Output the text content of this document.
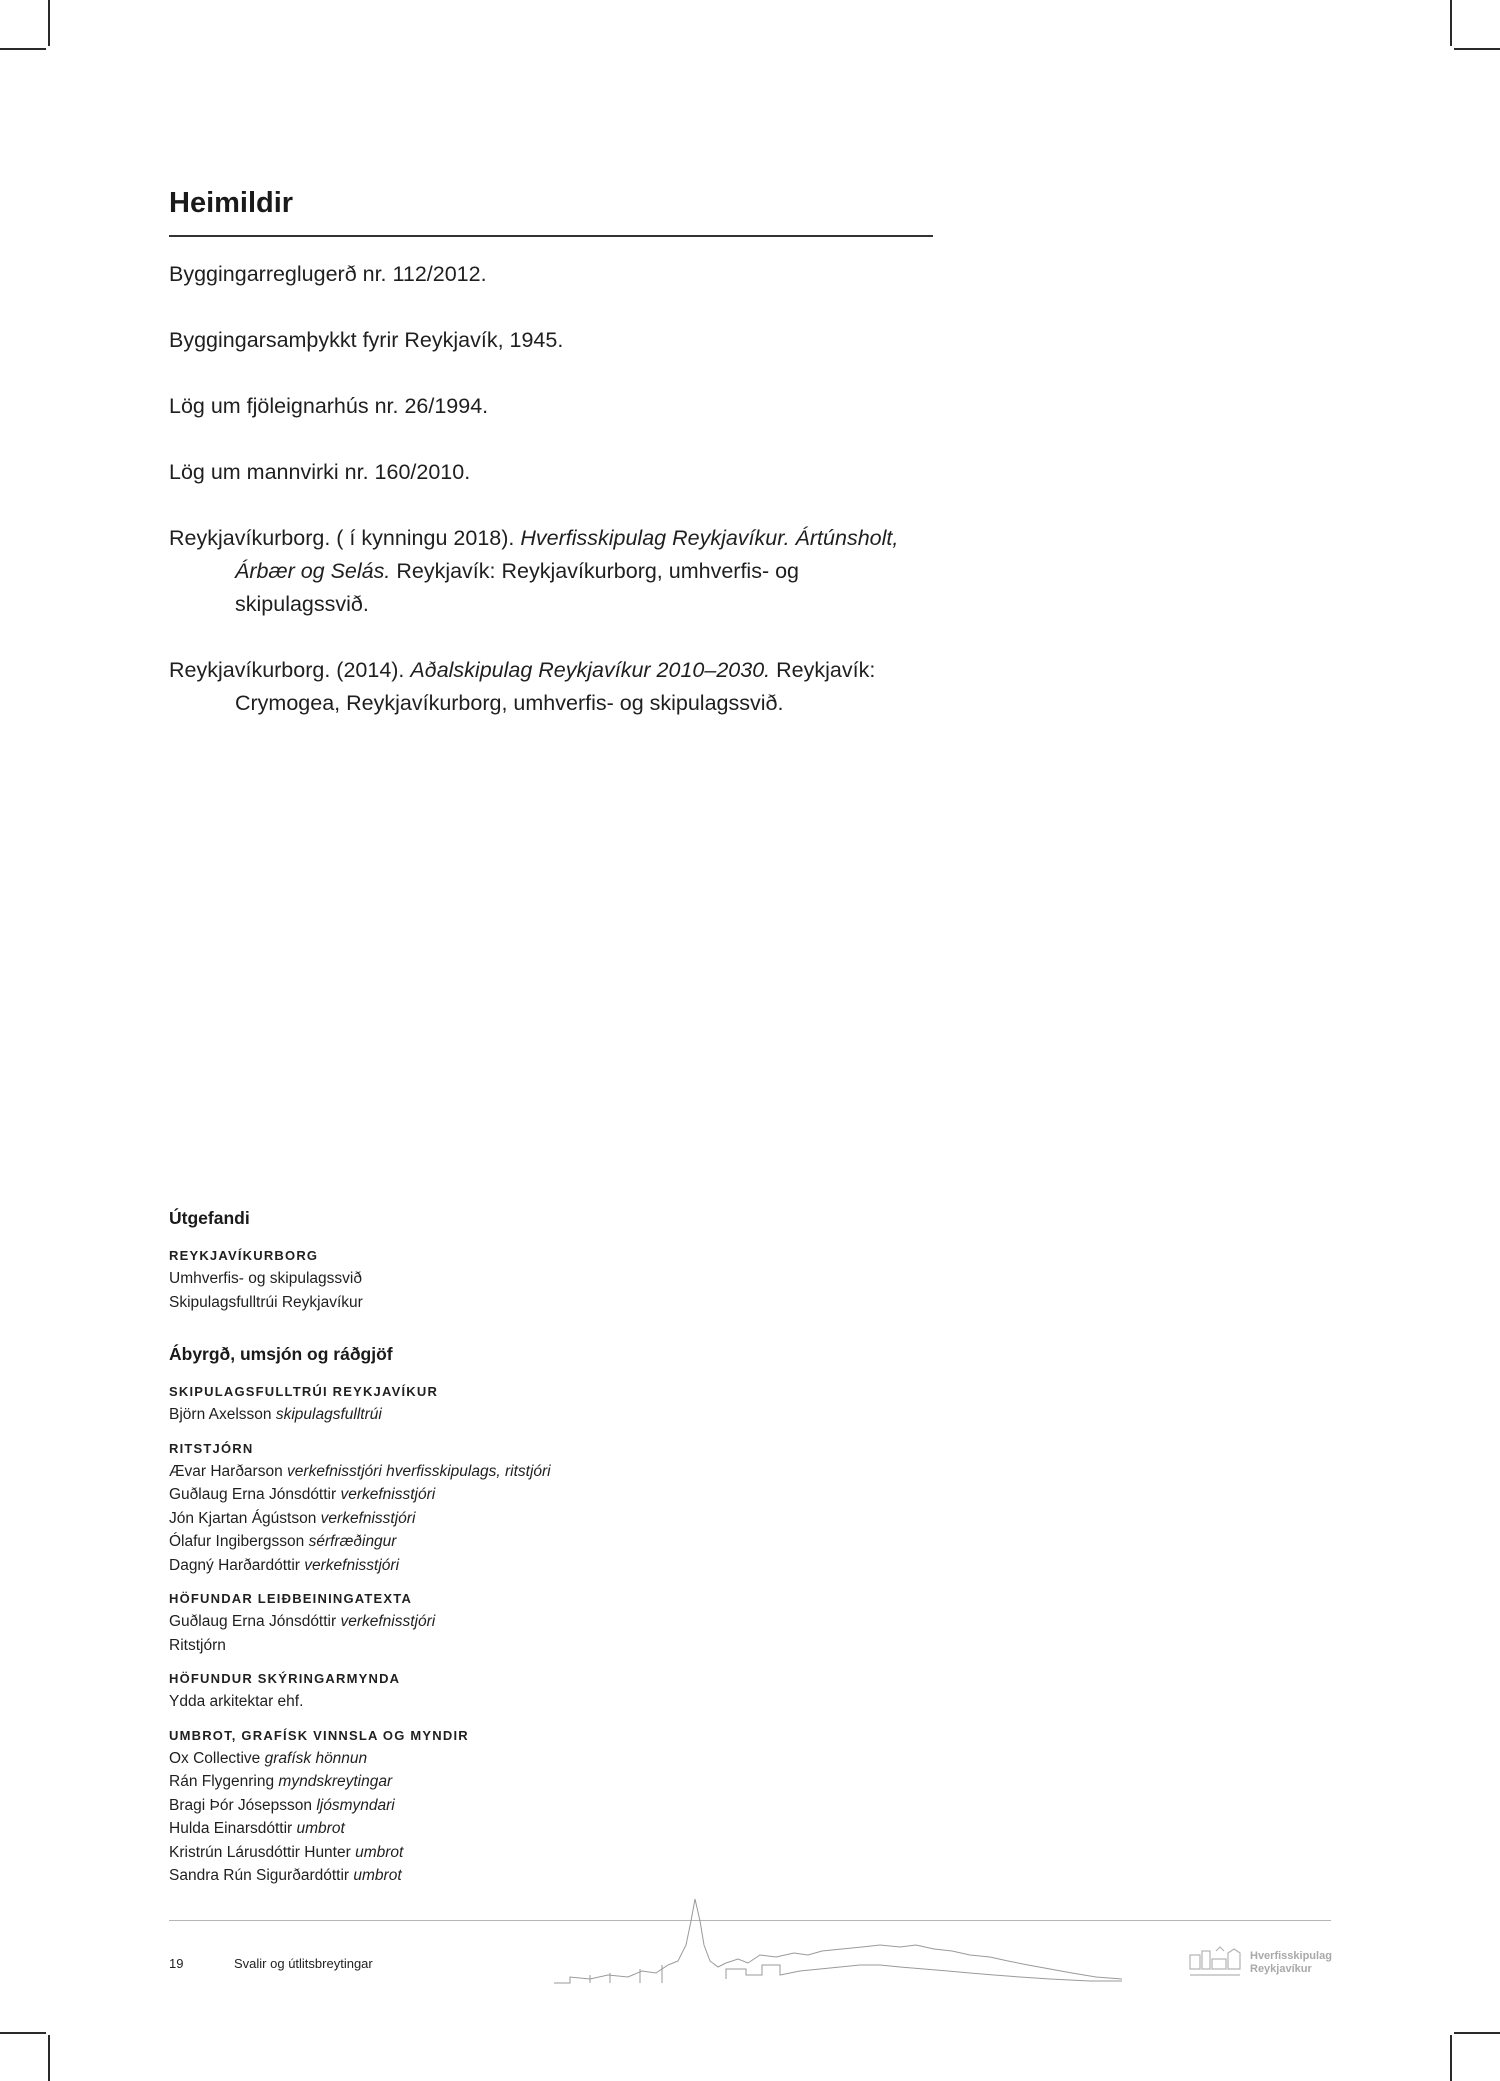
Heimildir

Byggingarreglugerð nr. 112/2012.

Byggingarsamþykkt fyrir Reykjavík, 1945.

Lög um fjöleignarhús nr. 26/1994.

Lög um mannvirki nr. 160/2010.

Reykjavíkurborg. ( í kynningu 2018). Hverfisskipulag Reykjavíkur. Ártúnsholt, Árbær og Selás. Reykjavík: Reykjavíkurborg, umhverfis- og skipulagssvið.

Reykjavíkurborg. (2014). Aðalskipulag Reykjavíkur 2010–2030. Reykjavík: Crymogea, Reykjavíkurborg, umhverfis- og skipulagssvið.

Útgefandi
REYKJAVÍKURBORG
Umhverfis- og skipulagssvið
Skipulagsfulltrúi Reykjavíkur
Ábyrgð, umsjón og ráðgjöf
SKIPULAGSFULLTRÚI REYKJAVÍKUR
Björn Axelsson skipulagsfulltrúi
RITSTJÓRN
Ævar Harðarson verkefnisstjóri hverfisskipulags, ritstjóri
Guðlaug Erna Jónsdóttir verkefnisstjóri
Jón Kjartan Ágústson verkefnisstjóri
Ólafur Ingibergsson sérfræðingur
Dagný Harðardóttir verkefnisstjóri
HÖFUNDAR LEIÐBEININGATEXTA
Guðlaug Erna Jónsdóttir verkefnisstjóri
Ritstjórn
HÖFUNDUR SKÝRINGARMYNDA
Ydda arkitektar ehf.
UMBROT, GRAFÍSK VINNSLA OG MYNDIR
Ox Collective grafísk hönnun
Rán Flygenring myndskreytingar
Bragi Þór Jósepsson ljósmyndari
Hulda Einarsdóttir umbrot
Kristrún Lárusdóttir Hunter umbrot
Sandra Rún Sigurðardóttir umbrot
19	Svalir og útlitsbreytingar	Hverfisskipulag
Reykjavíkur
